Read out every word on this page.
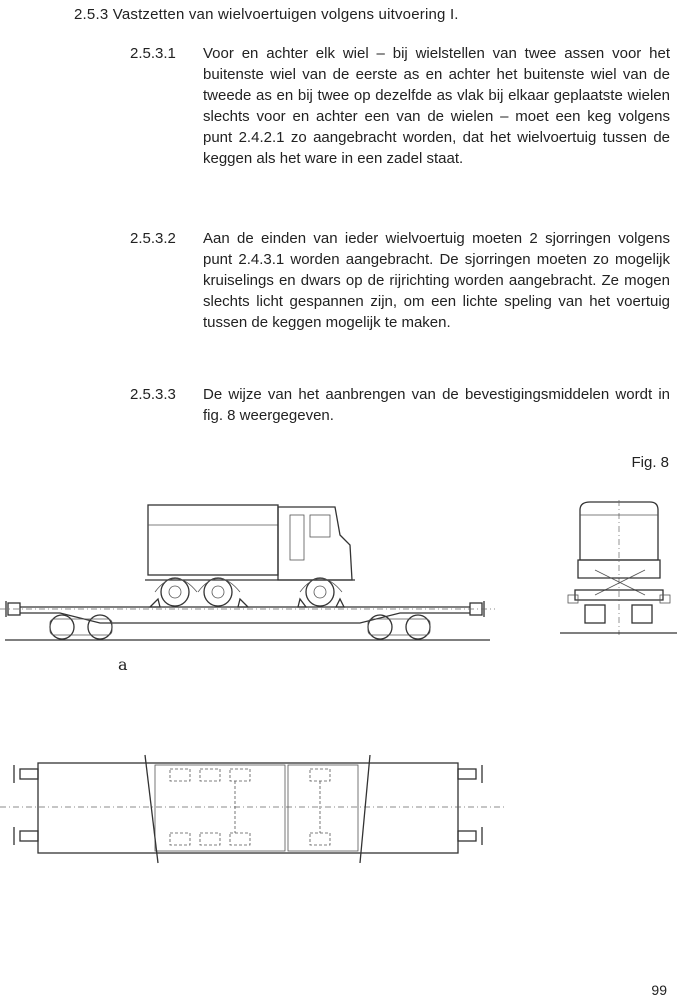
2.5.3 Vastzetten van wielvoertuigen volgens uitvoering I.
2.5.3.1	Voor en achter elk wiel – bij wielstellen van twee assen voor het buitenste wiel van de eerste as en achter het buitenste wiel van de tweede as en bij twee op dezelfde as vlak bij elkaar geplaatste wielen slechts voor en achter een van de wielen – moet een keg volgens punt 2.4.2.1 zo aangebracht worden, dat het wielvoertuig tussen de keggen als het ware in een zadel staat.
2.5.3.2	Aan de einden van ieder wielvoertuig moeten 2 sjorringen volgens punt 2.4.3.1 worden aangebracht. De sjorringen moeten zo mogelijk kruiselings en dwars op de rijrichting worden aangebracht. Ze mogen slechts licht gespannen zijn, om een lichte speling van het voertuig tussen de keggen mogelijk te maken.
2.5.3.3	De wijze van het aanbrengen van de bevestigingsmiddelen wordt in fig. 8 weergegeven.
Fig. 8
a
99
